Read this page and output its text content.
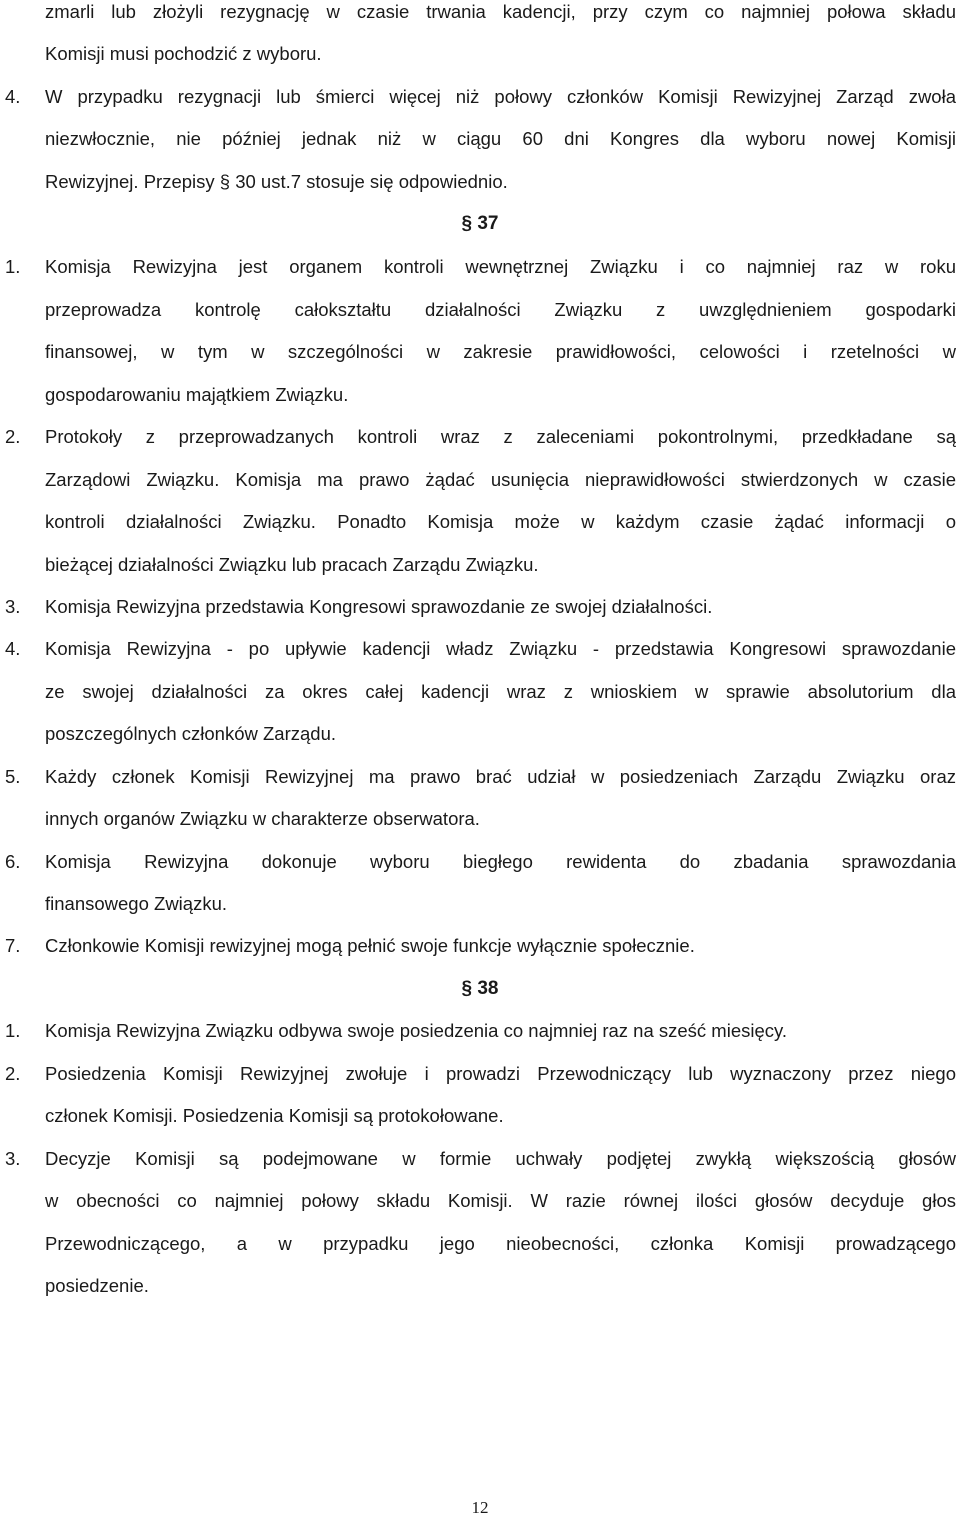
zmarli lub złożyli rezygnację w czasie trwania kadencji, przy czym co najmniej połowa składu
Komisji musi pochodzić z wyboru.
4.	W przypadku rezygnacji lub śmierci więcej niż połowy członków Komisji Rewizyjnej Zarząd zwoła
niezwłocznie, nie później jednak niż w ciągu 60 dni Kongres dla wyboru nowej Komisji
Rewizyjnej. Przepisy § 30 ust.7 stosuje się odpowiednio.
§ 37
1.	Komisja Rewizyjna jest organem kontroli wewnętrznej Związku i co najmniej raz w roku
przeprowadza kontrolę całokształtu działalności Związku z uwzględnieniem gospodarki
finansowej, w tym w szczególności w zakresie prawidłowości, celowości i rzetelności w
gospodarowaniu majątkiem Związku.
2.	Protokoły z przeprowadzanych kontroli wraz z zaleceniami pokontrolnymi, przedkładane są
Zarządowi Związku. Komisja ma prawo żądać usunięcia nieprawidłowości stwierdzonych w czasie
kontroli działalności Związku. Ponadto Komisja może w każdym czasie żądać informacji o
bieżącej działalności Związku lub pracach Zarządu Związku.
3.	Komisja Rewizyjna przedstawia Kongresowi sprawozdanie ze swojej działalności.
4.	Komisja Rewizyjna - po upływie kadencji władz Związku - przedstawia Kongresowi sprawozdanie
ze swojej działalności za okres całej kadencji wraz z wnioskiem w sprawie absolutorium dla
poszczególnych członków Zarządu.
5.	Każdy członek Komisji Rewizyjnej ma prawo brać udział w posiedzeniach Zarządu Związku oraz
innych organów Związku w charakterze obserwatora.
6.	Komisja Rewizyjna dokonuje wyboru biegłego rewidenta do zbadania sprawozdania
finansowego Związku.
7.	Członkowie Komisji rewizyjnej mogą pełnić swoje funkcje wyłącznie społecznie.
§ 38
1.	Komisja Rewizyjna Związku odbywa swoje posiedzenia co najmniej raz na sześć miesięcy.
2.	Posiedzenia Komisji Rewizyjnej zwołuje i prowadzi Przewodniczący lub wyznaczony przez niego
członek Komisji. Posiedzenia Komisji są protokołowane.
3.	Decyzje Komisji są podejmowane w formie uchwały podjętej zwykłą większością głosów
w obecności co najmniej połowy składu Komisji. W razie równej ilości głosów decyduje głos
Przewodniczącego, a w przypadku jego nieobecności, członka Komisji prowadzącego
posiedzenie.
12
